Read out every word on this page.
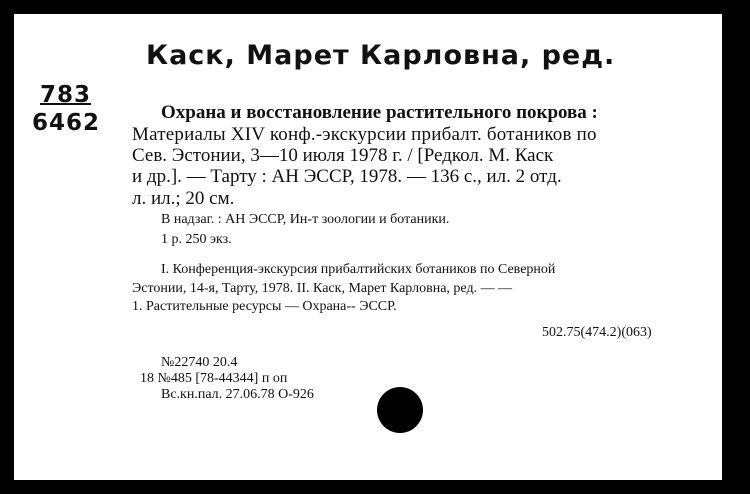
Каск, Марет Карловна, ред.
783
6462	Охрана и восстановление растительного покрова :
Материалы XIV конф.-экскурсии прибалт. ботаников по
Сев. Эстонии, 3—10 июля 1978 г. / [Редкол. М. Каск
и др.]. — Тарту : АН ЭССР, 1978. — 136 с., ил. 2 отд.
л. ил.; 20 см.
В надзаг. : АН ЭССР, Ин-т зоологии и ботаники.
1 р. 250 экз.
I. Конференция-экскурсия прибалтийских ботаников по Северной
Эстонии, 14-я, Тарту, 1978. II. Каск, Марет Карловна, ред. — —
1. Растительные ресурсы — Охрана-- ЭССР.
502.75(474.2)(063)
№22740 20.4
18 №485 [78-44344] п оп
Вс.кн.пал. 27.06.78 О-926
